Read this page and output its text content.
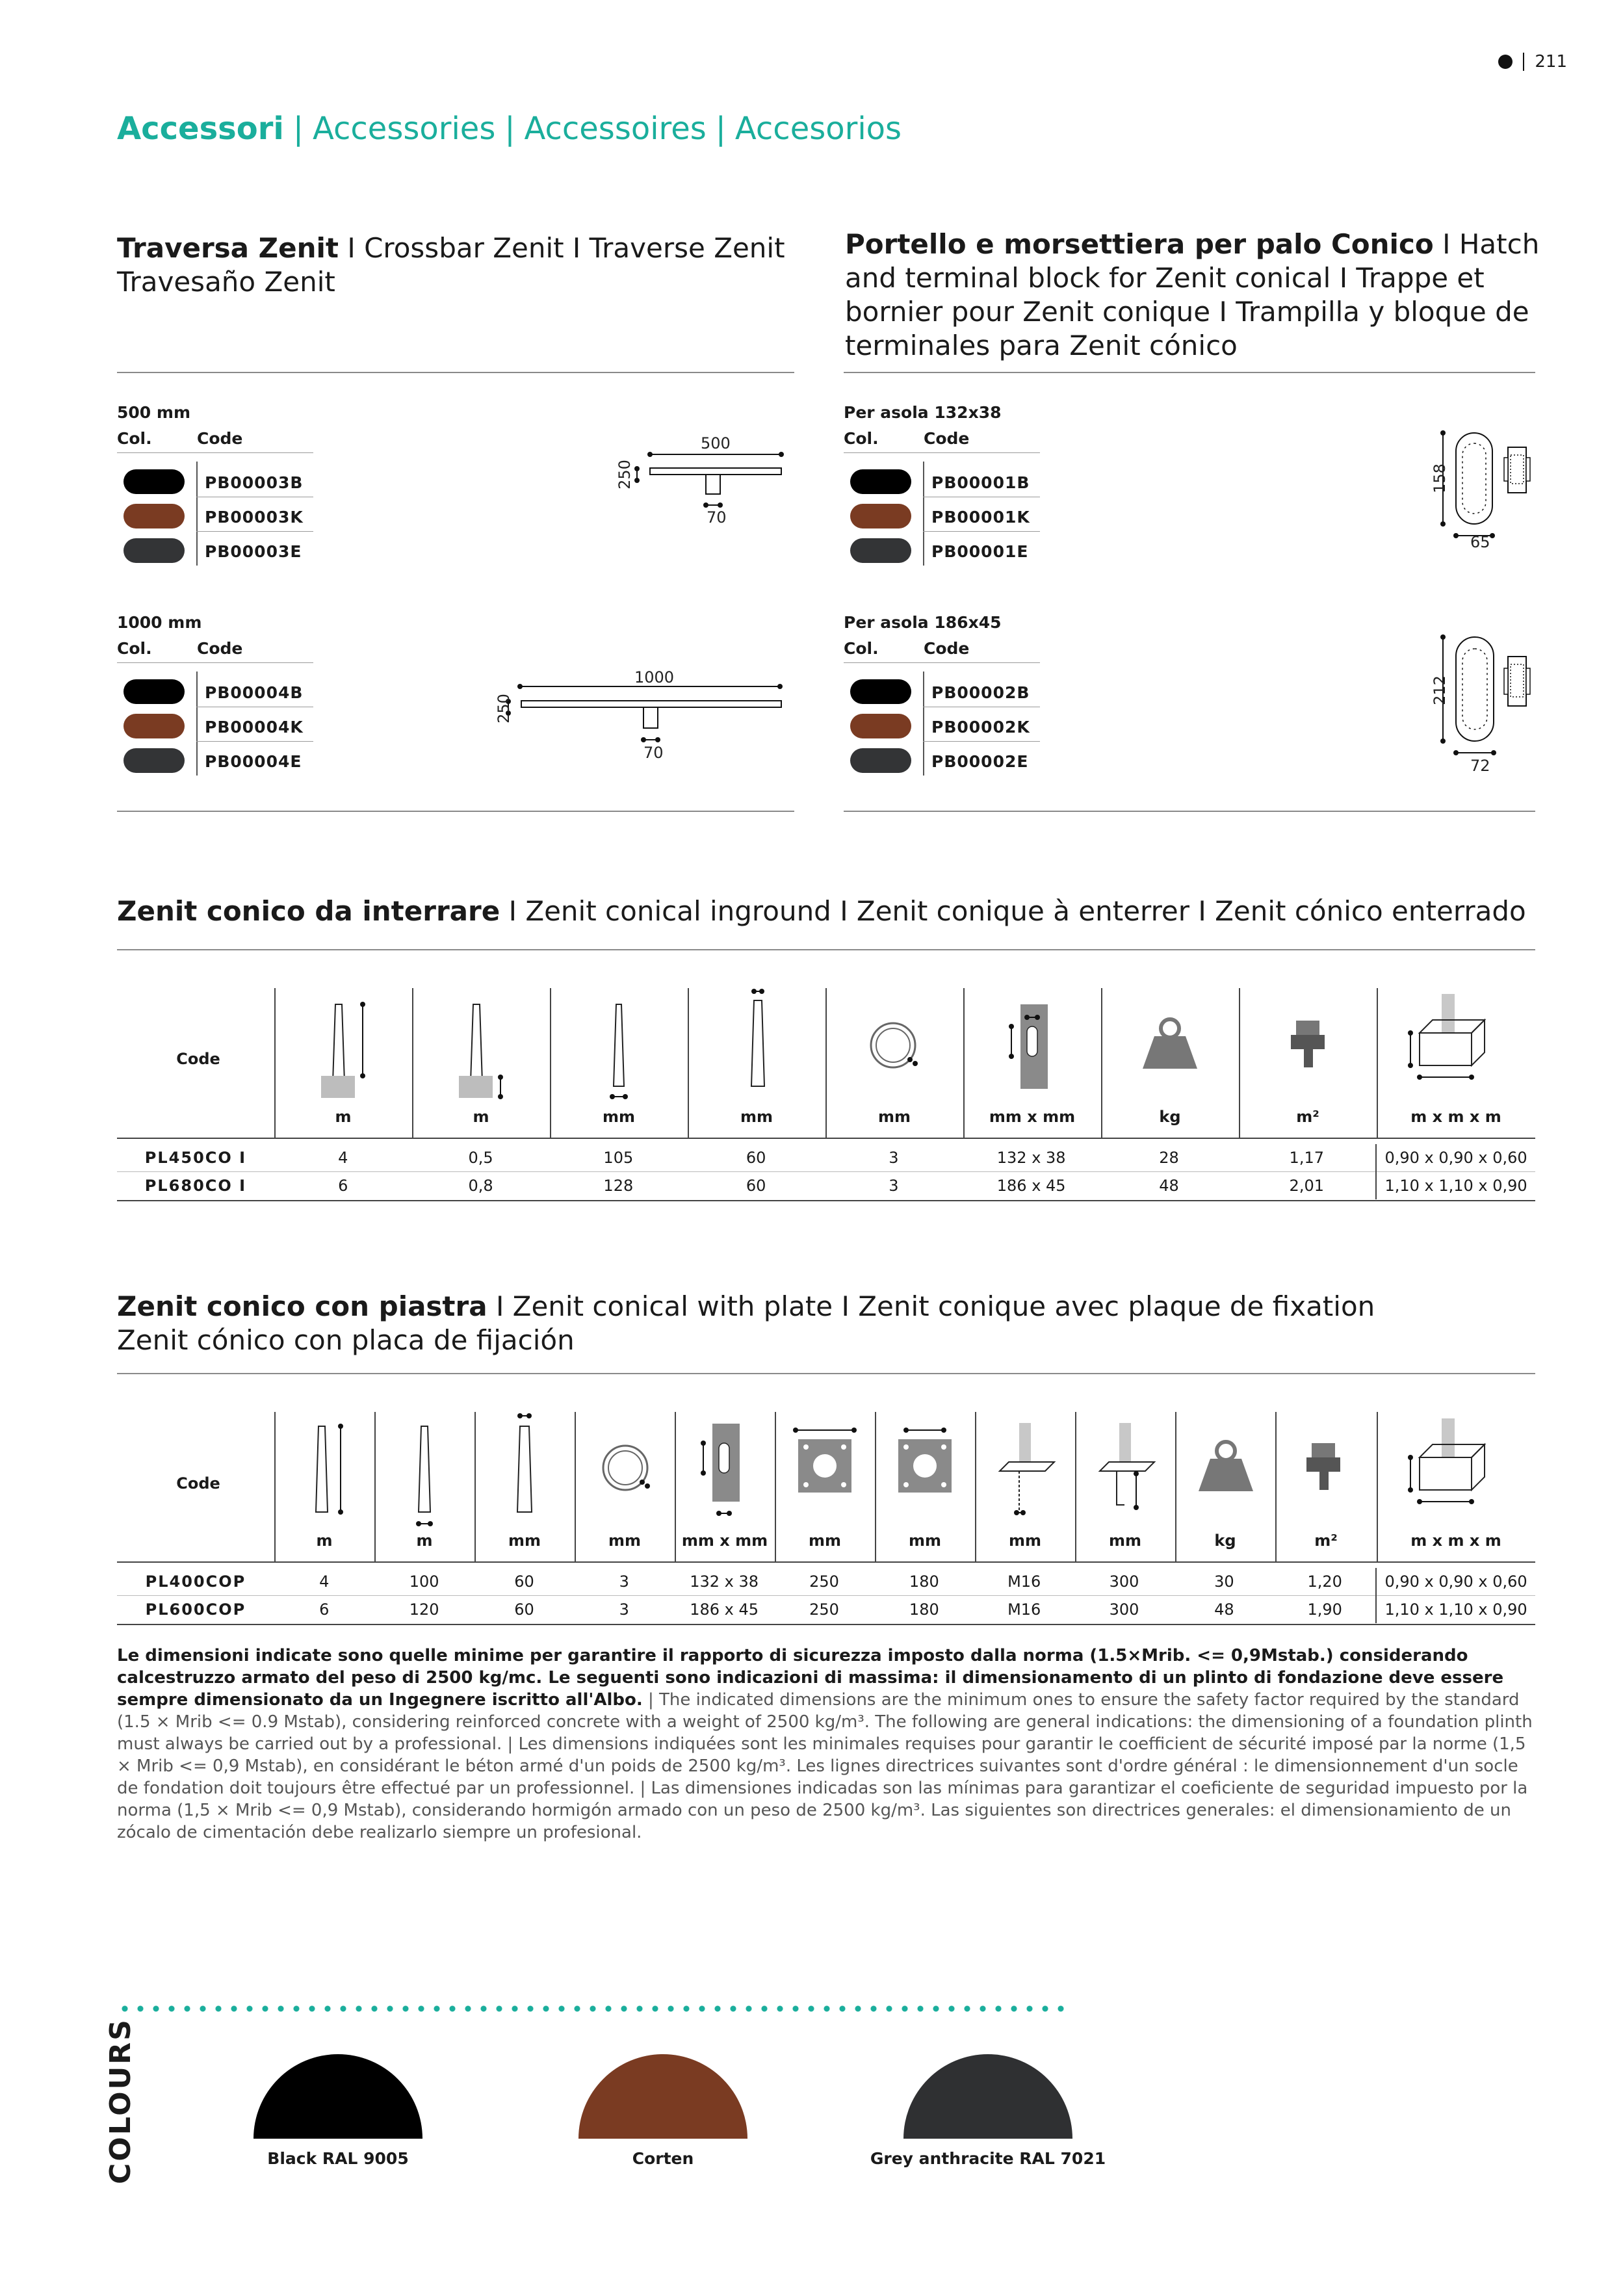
211
Accessori | Accessories | Accessoires | Accesorios
Traversa Zenit I Crossbar Zenit I Traverse Zenit
Travesaño Zenit
Portello e morsettiera per palo Conico I Hatch and terminal block for Zenit conical I Trappe et bornier pour Zenit conique I Trampilla y bloque de terminales para Zenit cónico
500 mm
Col.	Code
PB00003B
PB00003K
PB00003E
500
250
70
1000 mm
Col.	Code
PB00004B
PB00004K
PB00004E
1000
250
70
Per asola 132x38
Col.	Code
PB00001B
PB00001K
PB00001E
158
65
Per asola 186x45
Col.	Code
PB00002B
PB00002K
PB00002E
212
72
Zenit conico da interrare I Zenit conical inground I Zenit conique à enterrer I Zenit cónico enterrado
Code
m	m	mm	mm	mm	mm x mm	kg	m²	m x m x m
PL450CO I	4	0,5	105	60	3	132 x 38	28	1,17	0,90 x 0,90 x 0,60
PL680CO I	6	0,8	128	60	3	186 x 45	48	2,01	1,10 x 1,10 x 0,90
Zenit conico con piastra I Zenit conical with plate I Zenit conique avec plaque de fixation
Zenit cónico con placa de fijación
Code
m	m	mm	mm	mm x mm	mm	mm	mm	mm	kg	m²	m x m x m
PL400COP	4	100	60	3	132 x 38	250	180	M16	300	30	1,20	0,90 x 0,90 x 0,60
PL600COP	6	120	60	3	186 x 45	250	180	M16	300	48	1,90	1,10 x 1,10 x 0,90
Le dimensioni indicate sono quelle minime per garantire il rapporto di sicurezza imposto dalla norma (1.5×Mrib. <= 0,9Mstab.) considerando calcestruzzo armato del peso di 2500 kg/mc. Le seguenti sono indicazioni di massima: il dimensionamento di un plinto di fondazione deve essere sempre dimensionato da un Ingegnere iscritto all'Albo. | The indicated dimensions are the minimum ones to ensure the safety factor required by the standard (1.5 × Mrib <= 0.9 Mstab), considering reinforced concrete with a weight of 2500 kg/m³. The following are general indications: the dimensioning of a foundation plinth must always be carried out by a professional. | Les dimensions indiquées sont les minimales requises pour garantir le coefficient de sécurité imposé par la norme (1,5 × Mrib <= 0,9 Mstab), en considérant le béton armé d'un poids de 2500 kg/m³. Les lignes directrices suivantes sont d'ordre général : le dimensionnement d'un socle de fondation doit toujours être effectué par un professionnel. | Las dimensiones indicadas son las mínimas para garantizar el coeficiente de seguridad impuesto por la norma (1,5 × Mrib <= 0,9 Mstab), considerando hormigón armado con un peso de 2500 kg/m³. Las siguientes son directrices generales: el dimensionamiento de un zócalo de cimentación debe realizarlo siempre un profesional.
COLOURS	Black RAL 9005	Corten	Grey anthracite RAL 7021
